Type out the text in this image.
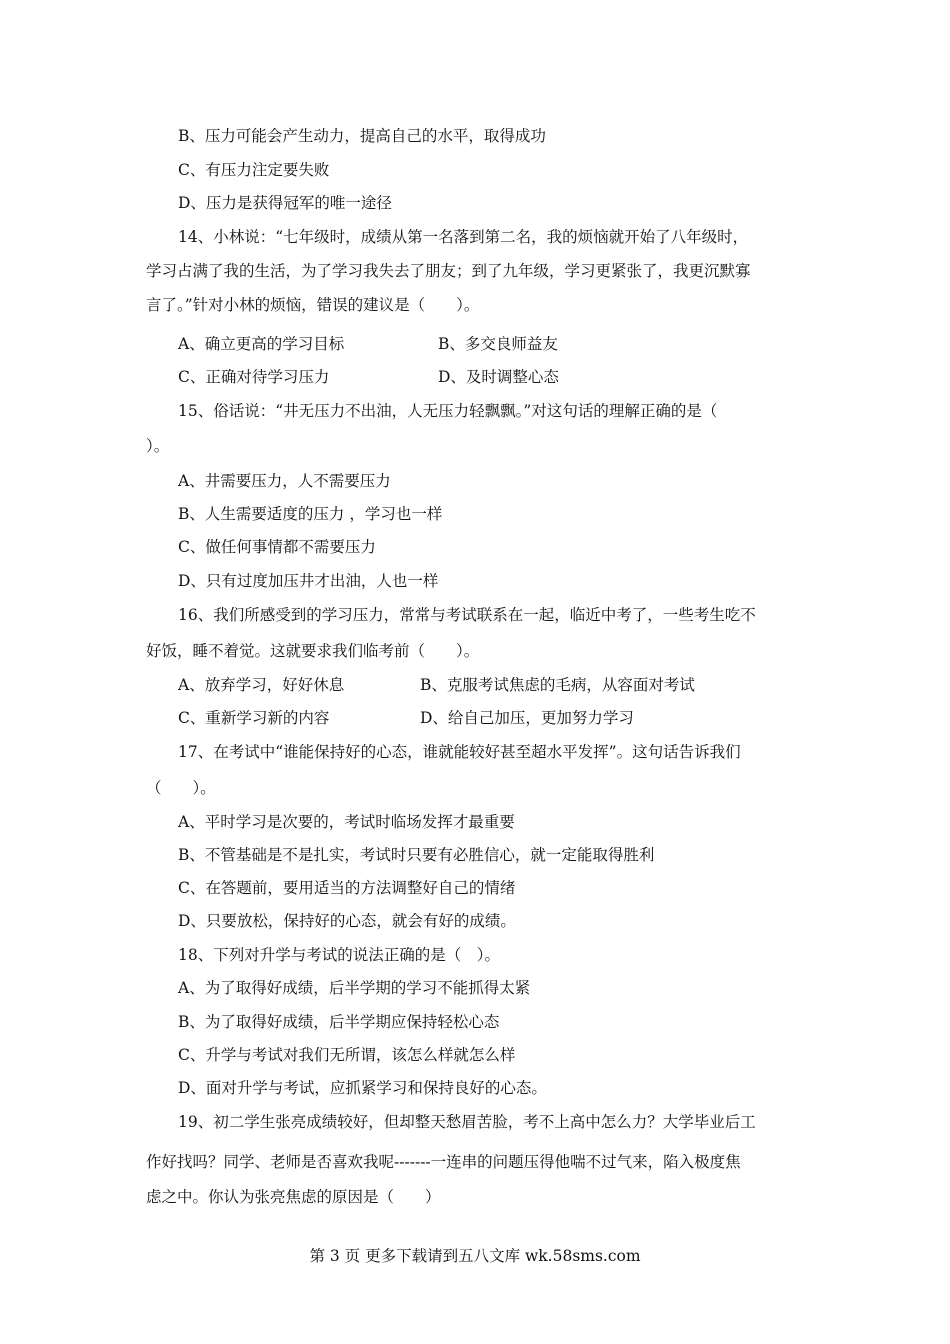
B、压力可能会产生动力，提高自己的水平，取得成功
C、有压力注定要失败
D、压力是获得冠军的唯一途径
14、小林说：“七年级时，成绩从第一名落到第二名，我的烦恼就开始了八年级时，
学习占满了我的生活，为了学习我失去了朋友；到了九年级，学习更紧张了，我更沉默寡
言了。”针对小林的烦恼，错误的建议是（　　）。
A、确立更高的学习目标	B、多交良师益友
C、正确对待学习压力	D、及时调整心态
15、俗话说：“井无压力不出油，人无压力轻飘飘。”对这句话的理解正确的是（
）。
A、井需要压力，人不需要压力
B、人生需要适度的压力 ，学习也一样
C、做任何事情都不需要压力
D、只有过度加压井才出油，人也一样
16、我们所感受到的学习压力，常常与考试联系在一起，临近中考了，一些考生吃不
好饭，睡不着觉。这就要求我们临考前（　　）。
A、放弃学习，好好休息	B、克服考试焦虑的毛病，从容面对考试
C、重新学习新的内容	D、给自己加压，更加努力学习
17、在考试中“谁能保持好的心态，谁就能较好甚至超水平发挥”。这句话告诉我们
（　　）。
A、平时学习是次要的，考试时临场发挥才最重要
B、不管基础是不是扎实，考试时只要有必胜信心，就一定能取得胜利
C、在答题前，要用适当的方法调整好自己的情绪
D、只要放松，保持好的心态，就会有好的成绩。
18、下列对升学与考试的说法正确的是（　）。
A、为了取得好成绩，后半学期的学习不能抓得太紧
B、为了取得好成绩，后半学期应保持轻松心态
C、升学与考试对我们无所谓，该怎么样就怎么样
D、面对升学与考试，应抓紧学习和保持良好的心态。
19、初二学生张亮成绩较好，但却整天愁眉苦脸，考不上高中怎么力？大学毕业后工
作好找吗？同学、老师是否喜欢我呢-------一连串的问题压得他喘不过气来，陷入极度焦
虑之中。你认为张亮焦虑的原因是（　　）
第 3 页 更多下载请到五八文库 wk.58sms.com
